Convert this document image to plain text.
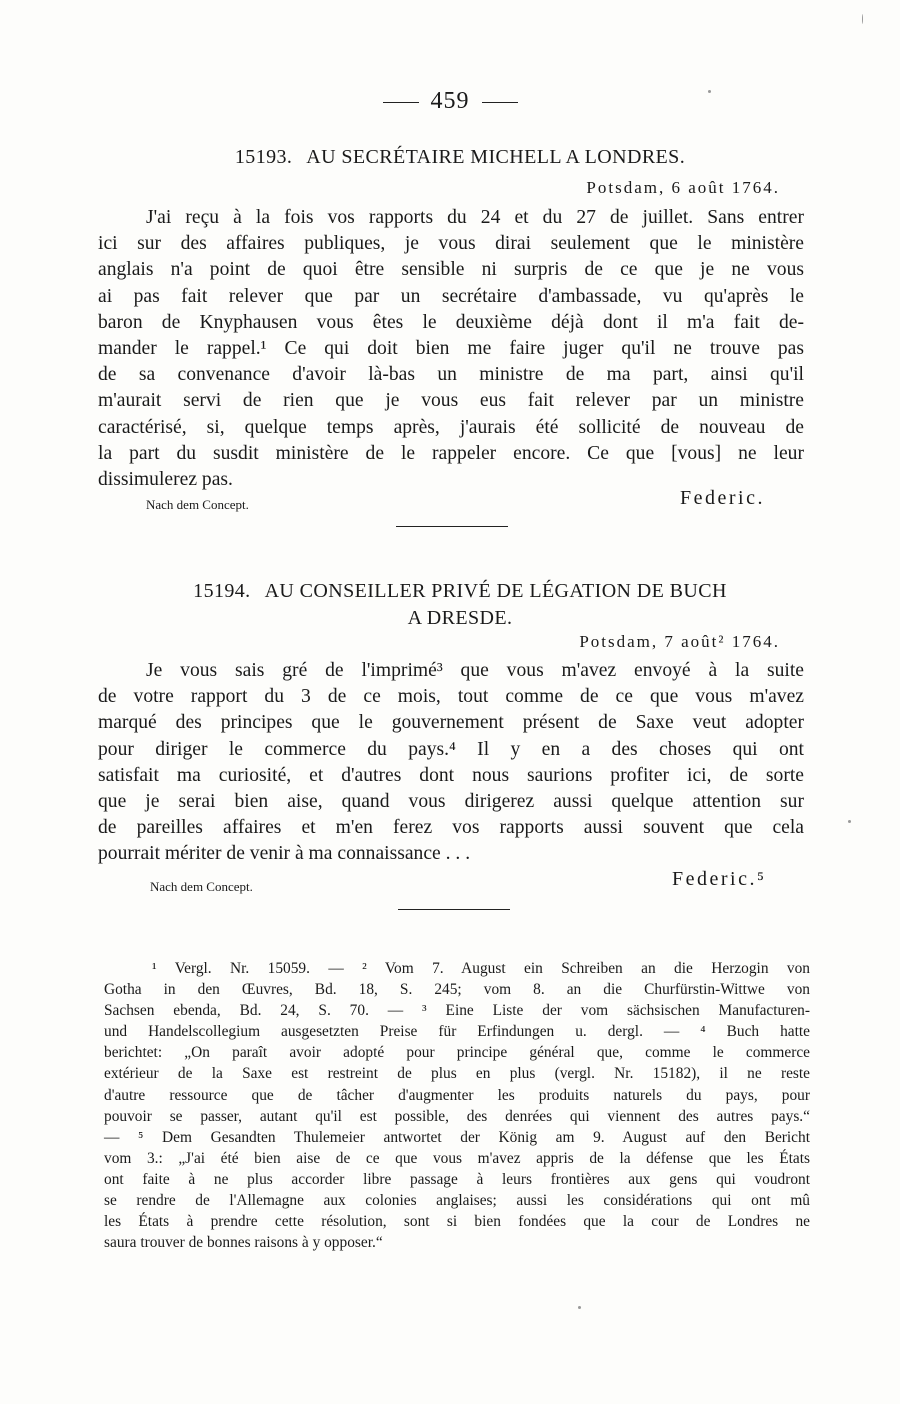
459
15193. AU SECRÉTAIRE MICHELL A LONDRES.
Potsdam, 6 août 1764.
J'ai reçu à la fois vos rapports du 24 et du 27 de juillet. Sans entrer
ici sur des affaires publiques, je vous dirai seulement que le ministère
anglais n'a point de quoi être sensible ni surpris de ce que je ne vous
ai pas fait relever que par un secrétaire d'ambassade, vu qu'après le
baron de Knyphausen vous êtes le deuxième déjà dont il m'a fait de-
mander le rappel.¹ Ce qui doit bien me faire juger qu'il ne trouve pas
de sa convenance d'avoir là-bas un ministre de ma part, ainsi qu'il
m'aurait servi de rien que je vous eus fait relever par un ministre
caractérisé, si, quelque temps après, j'aurais été sollicité de nouveau de
la part du susdit ministère de le rappeler encore. Ce que [vous] ne leur
dissimulerez pas.
Nach dem Concept.	Federic.
15194. AU CONSEILLER PRIVÉ DE LÉGATION DE BUCH
A DRESDE.
Potsdam, 7 août² 1764.
Je vous sais gré de l'imprimé³ que vous m'avez envoyé à la suite
de votre rapport du 3 de ce mois, tout comme de ce que vous m'avez
marqué des principes que le gouvernement présent de Saxe veut adopter
pour diriger le commerce du pays.⁴ Il y en a des choses qui ont
satisfait ma curiosité, et d'autres dont nous saurions profiter ici, de sorte
que je serai bien aise, quand vous dirigerez aussi quelque attention sur
de pareilles affaires et m'en ferez vos rapports aussi souvent que cela
pourrait mériter de venir à ma connaissance . . .
Nach dem Concept.	Federic.⁵
¹ Vergl. Nr. 15059. — ² Vom 7. August ein Schreiben an die Herzogin von
Gotha in den Œuvres, Bd. 18, S. 245; vom 8. an die Churfürstin-Wittwe von
Sachsen ebenda, Bd. 24, S. 70. — ³ Eine Liste der vom sächsischen Manufacturen-
und Handelscollegium ausgesetzten Preise für Erfindungen u. dergl. — ⁴ Buch hatte
berichtet: „On paraît avoir adopté pour principe général que, comme le commerce
extérieur de la Saxe est restreint de plus en plus (vergl. Nr. 15182), il ne reste
d'autre ressource que de tâcher d'augmenter les produits naturels du pays, pour
pouvoir se passer, autant qu'il est possible, des denrées qui viennent des autres pays.“
— ⁵ Dem Gesandten Thulemeier antwortet der König am 9. August auf den Bericht
vom 3.: „J'ai été bien aise de ce que vous m'avez appris de la défense que les États
ont faite à ne plus accorder libre passage à leurs frontières aux gens qui voudront
se rendre de l'Allemagne aux colonies anglaises; aussi les considérations qui ont mû
les États à prendre cette résolution, sont si bien fondées que la cour de Londres ne
saura trouver de bonnes raisons à y opposer.“
